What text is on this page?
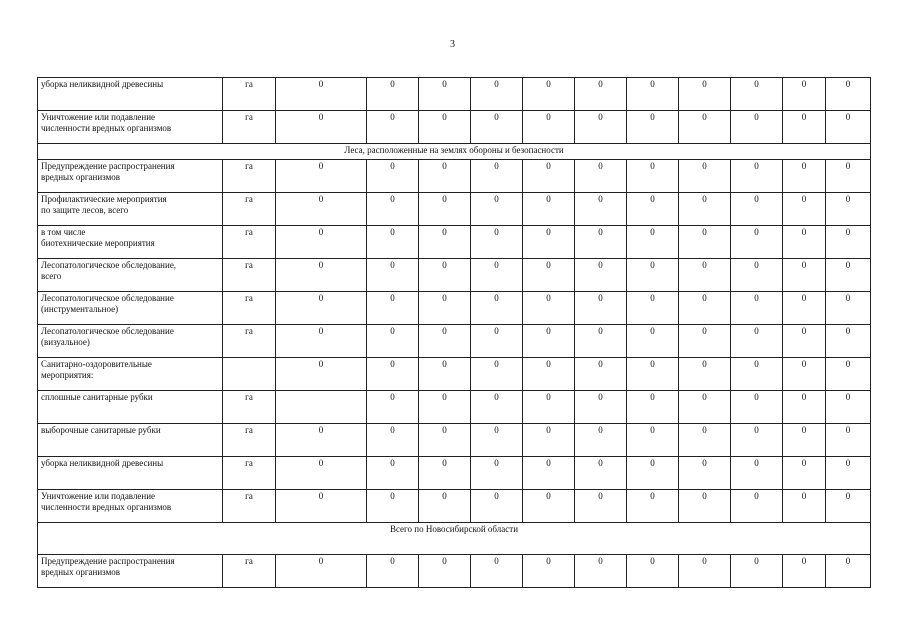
3
уборка неликвидной древесины	га	0	0	0	0	0	0	0	0	0	0	0

Уничтожение или подавление
численности вредных организмов	га	0	0	0	0	0	0	0	0	0	0	0
Леса, расположенные на землях обороны и безопасности												

Предупреждение распространения
вредных организмов	га	0	0	0	0	0	0	0	0	0	0	0

Профилактические мероприятия
по защите лесов, всего	га	0	0	0	0	0	0	0	0	0	0	0

в том числе
биотехнические мероприятия	га	0	0	0	0	0	0	0	0	0	0	0

Лесопатологическое обследование,
всего	га	0	0	0	0	0	0	0	0	0	0	0

Лесопатологическое обследование
(инструментальное)	га	0	0	0	0	0	0	0	0	0	0	0

Лесопатологическое обследование
(визуальное)	га	0	0	0	0	0	0	0	0	0	0	0

Санитарно-оздоровительные
мероприятия:		0	0	0	0	0	0	0	0	0	0	0

сплошные санитарные рубки	га		0	0	0	0	0	0	0	0	0	0

выборочные санитарные рубки	га	0	0	0	0	0	0	0	0	0	0	0

уборка неликвидной древесины	га	0	0	0	0	0	0	0	0	0	0	0

Уничтожение или подавление
численности вредных организмов	га	0	0	0	0	0	0	0	0	0	0	0
Всего по Новосибирской области												

Предупреждение распространения
вредных организмов	га	0	0	0	0	0	0	0	0	0	0	0
